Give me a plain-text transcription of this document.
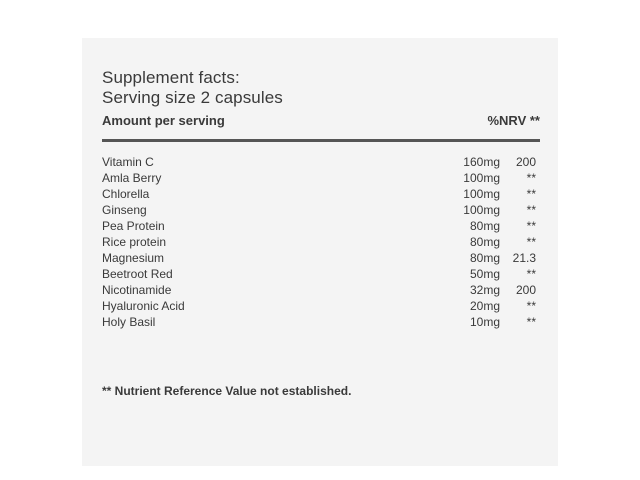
Supplement facts:
Serving size 2 capsules
Amount per serving	%NRV **
Vitamin C	160mg	200
Amla Berry	100mg	**
Chlorella	100mg	**
Ginseng	100mg	**
Pea Protein	80mg	**
Rice protein	80mg	**
Magnesium	80mg	21.3
Beetroot Red	50mg	**
Nicotinamide	32mg	200
Hyaluronic Acid	20mg	**
Holy Basil	10mg	**
** Nutrient Reference Value not established.
